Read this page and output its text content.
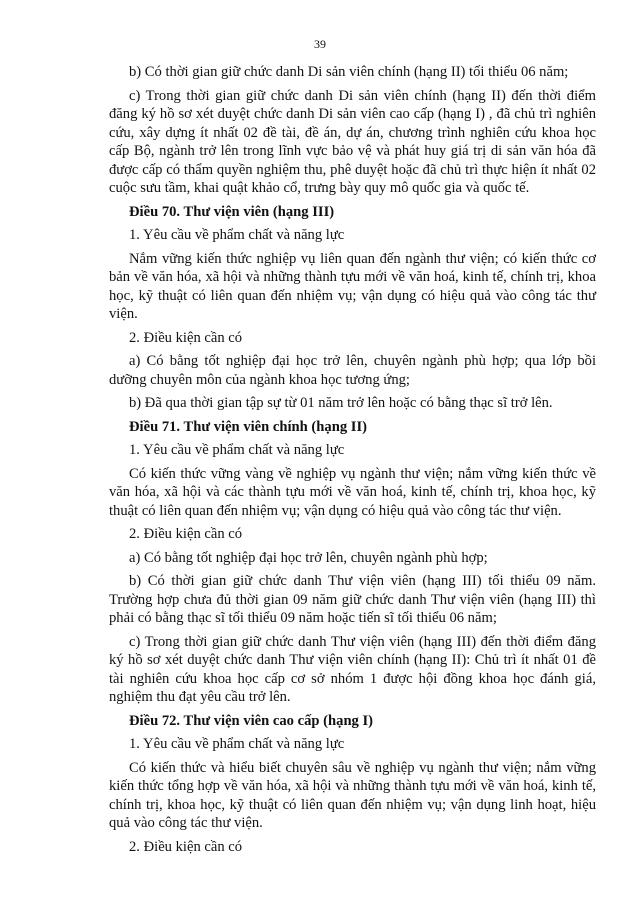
39
b) Có thời gian giữ chức danh Di sản viên chính (hạng II) tối thiểu 06 năm;
c) Trong thời gian giữ chức danh Di sản viên chính (hạng II) đến thời điểm đăng ký hồ sơ xét duyệt chức danh Di sản viên cao cấp (hạng I) , đã chủ trì nghiên cứu, xây dựng ít nhất 02 đề tài, đề án, dự án, chương trình nghiên cứu khoa học cấp Bộ, ngành trở lên trong lĩnh vực bảo vệ và phát huy giá trị di sản văn hóa đã được cấp có thẩm quyền nghiệm thu, phê duyệt hoặc đã chủ trì thực hiện ít nhất 02 cuộc sưu tầm, khai quật khảo cổ, trưng bày quy mô quốc gia và quốc tế.
Điều 70. Thư viện viên (hạng III)
1. Yêu cầu về phẩm chất và năng lực
Nắm vững kiến thức nghiệp vụ liên quan đến ngành thư viện; có kiến thức cơ bản về văn hóa, xã hội và những thành tựu mới về văn hoá, kinh tế, chính trị, khoa học, kỹ thuật có liên quan đến nhiệm vụ; vận dụng có hiệu quả vào công tác thư viện.
2. Điều kiện cần có
a) Có bằng tốt nghiệp đại học trở lên, chuyên ngành phù hợp; qua lớp bồi dưỡng chuyên môn của ngành khoa học tương ứng;
b) Đã qua thời gian tập sự từ 01 năm trở lên hoặc có bằng thạc sĩ trở lên.
Điều 71. Thư viện viên chính (hạng II)
1. Yêu cầu về phẩm chất và năng lực
Có kiến thức vững vàng về nghiệp vụ ngành thư viện; nắm vững kiến thức về văn hóa, xã hội và các thành tựu mới về văn hoá, kinh tế, chính trị, khoa học, kỹ thuật có liên quan đến nhiệm vụ; vận dụng có hiệu quả vào công tác thư viện.
2. Điều kiện cần có
a) Có bằng tốt nghiệp đại học trở lên, chuyên ngành phù hợp;
b) Có thời gian giữ chức danh Thư viện viên (hạng III) tối thiểu 09 năm. Trường hợp chưa đủ thời gian 09 năm giữ chức danh Thư viện viên (hạng III) thì phải có bằng thạc sĩ tối thiểu 09 năm hoặc tiến sĩ tối thiểu 06 năm;
c) Trong thời gian giữ chức danh Thư viện viên (hạng III) đến thời điểm đăng ký hồ sơ xét duyệt chức danh Thư viện viên chính (hạng II): Chủ trì ít nhất 01 đề tài nghiên cứu khoa học cấp cơ sở nhóm 1 được hội đồng khoa học đánh giá, nghiệm thu đạt yêu cầu trở lên.
Điều 72. Thư viện viên cao cấp (hạng I)
1. Yêu cầu về phẩm chất và năng lực
Có kiến thức và hiểu biết chuyên sâu về nghiệp vụ ngành thư viện; nắm vững kiến thức tổng hợp về văn hóa, xã hội và những thành tựu mới về văn hoá, kinh tế, chính trị, khoa học, kỹ thuật có liên quan đến nhiệm vụ; vận dụng linh hoạt, hiệu quả vào công tác thư viện.
2. Điều kiện cần có
